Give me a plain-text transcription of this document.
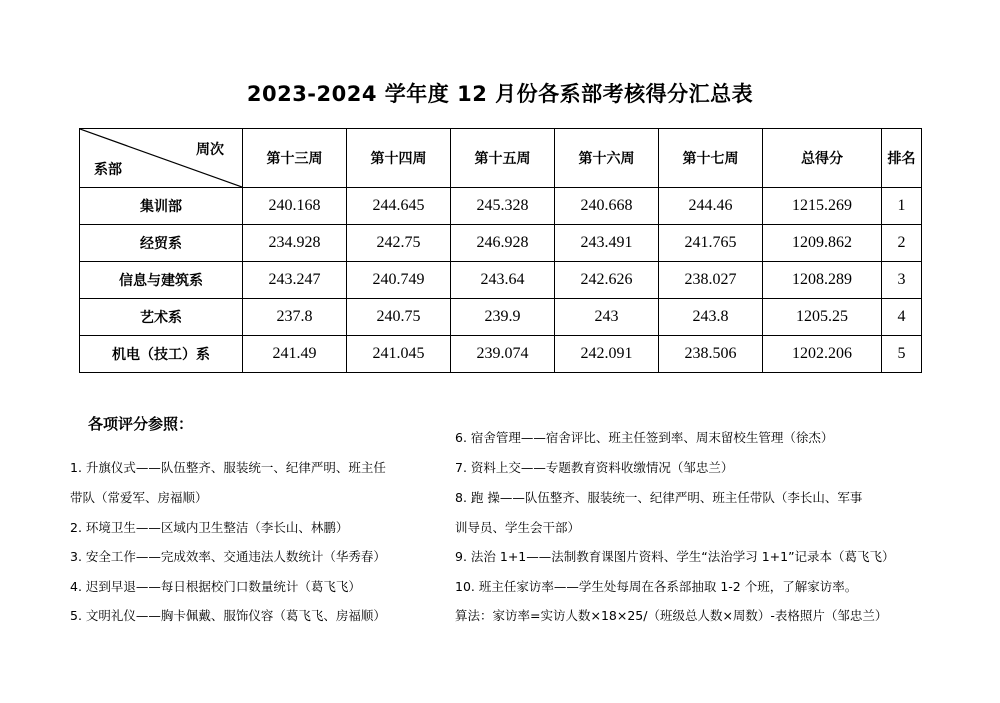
2023-2024 学年度 12 月份各系部考核得分汇总表
周次
系部	第十三周	第十四周	第十五周	第十六周	第十七周	总得分	排名
集训部	240.168	244.645	245.328	240.668	244.46	1215.269	1
经贸系	234.928	242.75	246.928	243.491	241.765	1209.862	2
信息与建筑系	243.247	240.749	243.64	242.626	238.027	1208.289	3
艺术系	237.8	240.75	239.9	243	243.8	1205.25	4
机电（技工）系	241.49	241.045	239.074	242.091	238.506	1202.206	5
各项评分参照：
1. 升旗仪式——队伍整齐、服装统一、纪律严明、班主任
带队（常爱军、房福顺）
2. 环境卫生——区域内卫生整洁（李长山、林鹏）
3. 安全工作——完成效率、交通违法人数统计（华秀春）
4. 迟到早退——每日根据校门口数量统计（葛飞飞）
5. 文明礼仪——胸卡佩戴、服饰仪容（葛飞飞、房福顺）
6. 宿舍管理——宿舍评比、班主任签到率、周末留校生管理（徐杰）
7. 资料上交——专题教育资料收缴情况（邹忠兰）
8. 跑 操——队伍整齐、服装统一、纪律严明、班主任带队（李长山、军事
训导员、学生会干部）
9. 法治 1+1——法制教育课图片资料、学生“法治学习 1+1”记录本（葛飞飞）
10. 班主任家访率——学生处每周在各系部抽取 1-2 个班，了解家访率。
算法：家访率=实访人数×18×25/（班级总人数×周数）-表格照片（邹忠兰）
